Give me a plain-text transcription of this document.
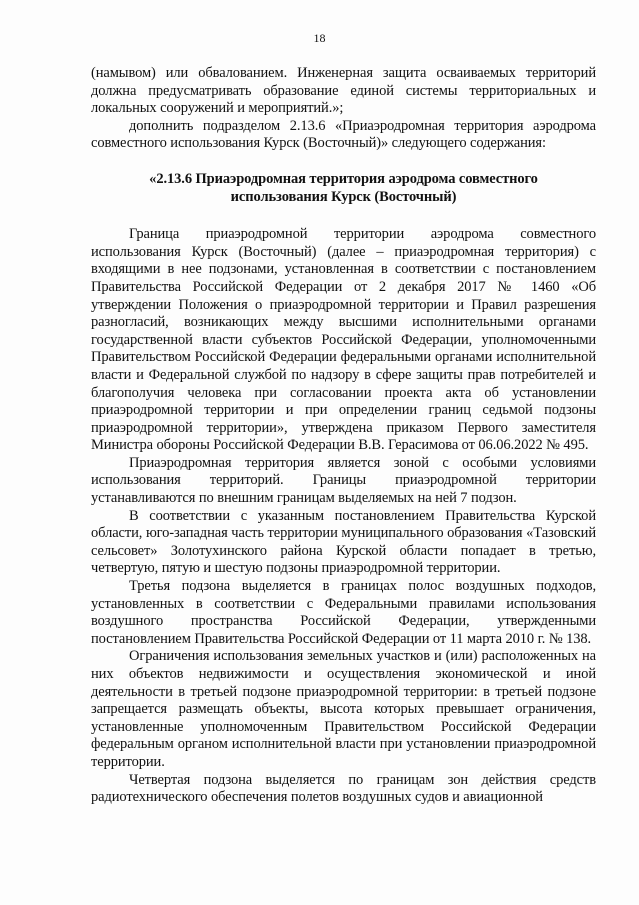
18

(намывом) или обвалованием. Инженерная защита осваиваемых территорий должна предусматривать образование единой системы территориальных и локальных сооружений и мероприятий.»;

дополнить подразделом 2.13.6 «Приаэродромная территория аэродрома совместного использования Курск (Восточный)» следующего содержания:

«2.13.6 Приаэродромная территория аэродрома совместного использования Курск (Восточный)

Граница приаэродромной территории аэродрома совместного использования Курск (Восточный) (далее – приаэродромная территория) с входящими в нее подзонами, установленная в соответствии с постановлением Правительства Российской Федерации от 2 декабря 2017 № 1460 «Об утверждении Положения о приаэродромной территории и Правил разрешения разногласий, возникающих между высшими исполнительными органами государственной власти субъектов Российской Федерации, уполномоченными Правительством Российской Федерации федеральными органами исполнительной власти и Федеральной службой по надзору в сфере защиты прав потребителей и благополучия человека при согласовании проекта акта об установлении приаэродромной территории и при определении границ седьмой подзоны приаэродромной территории», утверждена приказом Первого заместителя Министра обороны Российской Федерации В.В. Герасимова от 06.06.2022 № 495.

Приаэродромная территория является зоной с особыми условиями использования территорий. Границы приаэродромной территории устанавливаются по внешним границам выделяемых на ней 7 подзон.

В соответствии с указанным постановлением Правительства Курской области, юго-западная часть территории муниципального образования «Тазовский сельсовет» Золотухинского района Курской области попадает в третью, четвертую, пятую и шестую подзоны приаэродромной территории.

Третья подзона выделяется в границах полос воздушных подходов, установленных в соответствии с Федеральными правилами использования воздушного пространства Российской Федерации, утвержденными постановлением Правительства Российской Федерации от 11 марта 2010 г. № 138.

Ограничения использования земельных участков и (или) расположенных на них объектов недвижимости и осуществления экономической и иной деятельности в третьей подзоне приаэродромной территории: в третьей подзоне запрещается размещать объекты, высота которых превышает ограничения, установленные уполномоченным Правительством Российской Федерации федеральным органом исполнительной власти при установлении приаэродромной территории.

Четвертая подзона выделяется по границам зон действия средств радиотехнического обеспечения полетов воздушных судов и авиационной
